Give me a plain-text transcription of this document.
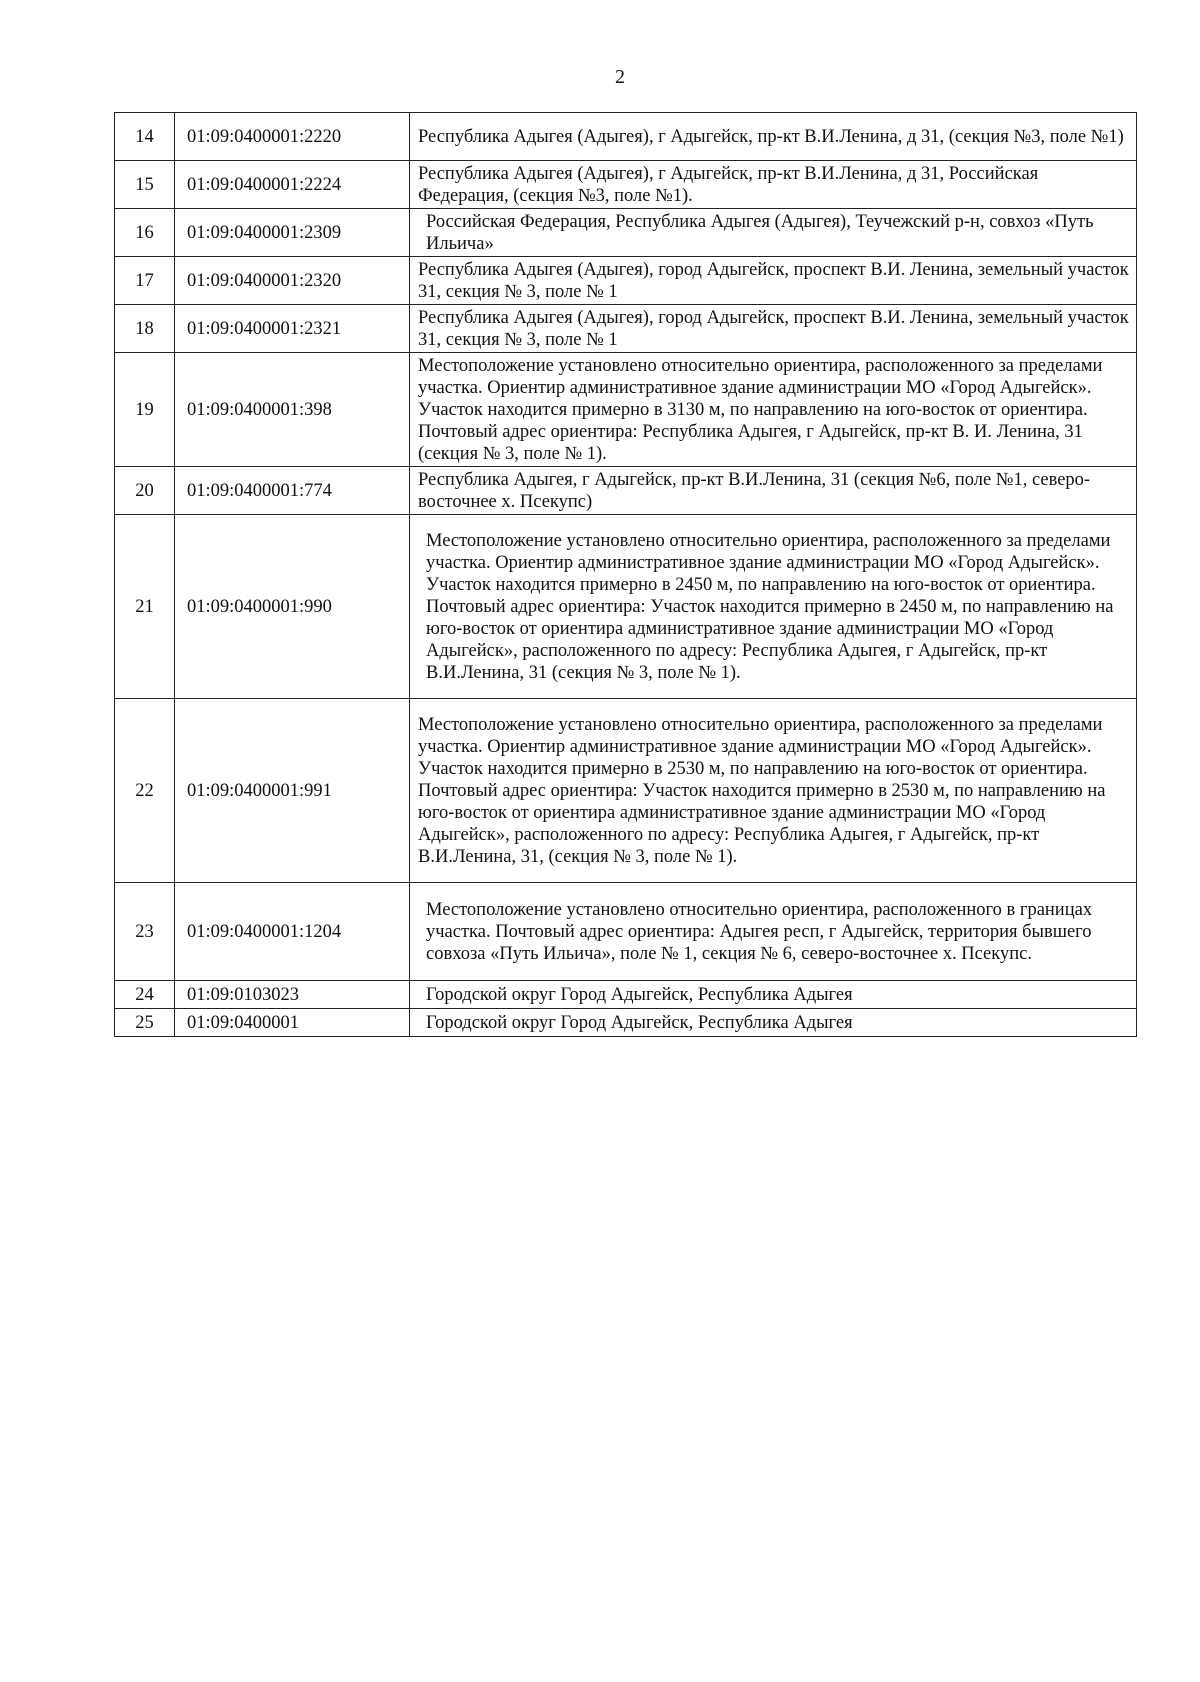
2
14	01:09:0400001:2220	Республика Адыгея (Адыгея), г Адыгейск, пр-кт В.И.Ленина, д 31, (секция №3, поле №1)
15	01:09:0400001:2224	Республика Адыгея (Адыгея), г Адыгейск, пр-кт В.И.Ленина, д 31, Российская Федерация, (секция №3, поле №1).
16	01:09:0400001:2309	Российская Федерация, Республика Адыгея (Адыгея), Теучежский р-н, совхоз «Путь Ильича»
17	01:09:0400001:2320	Республика Адыгея (Адыгея), город Адыгейск, проспект В.И. Ленина, земельный участок 31, секция № 3, поле № 1
18	01:09:0400001:2321	Республика Адыгея (Адыгея), город Адыгейск, проспект В.И. Ленина, земельный участок 31, секция № 3, поле № 1
19	01:09:0400001:398	Местоположение установлено относительно ориентира, расположенного за пределами участка. Ориентир административное здание администрации МО «Город Адыгейск». Участок находится примерно в 3130 м, по направлению на юго-восток от ориентира. Почтовый адрес ориентира: Республика Адыгея, г Адыгейск, пр-кт В. И. Ленина, 31 (секция № 3, поле № 1).
20	01:09:0400001:774	Республика Адыгея, г Адыгейск, пр-кт В.И.Ленина, 31 (секция №6, поле №1, северо-восточнее х. Псекупс)
21	01:09:0400001:990	Местоположение установлено относительно ориентира, расположенного за пределами участка. Ориентир административное здание администрации МО «Город Адыгейск». Участок находится примерно в 2450 м, по направлению на юго-восток от ориентира. Почтовый адрес ориентира: Участок находится примерно в 2450 м, по направлению на юго-восток от ориентира административное здание администрации МО «Город Адыгейск», расположенного по адресу: Республика Адыгея, г Адыгейск, пр-кт В.И.Ленина, 31 (секция № 3, поле № 1).
22	01:09:0400001:991	Местоположение установлено относительно ориентира, расположенного за пределами участка. Ориентир административное здание администрации МО «Город Адыгейск». Участок находится примерно в 2530 м, по направлению на юго-восток от ориентира. Почтовый адрес ориентира: Участок находится примерно в 2530 м, по направлению на юго-восток от ориентира административное здание администрации МО «Город Адыгейск», расположенного по адресу: Республика Адыгея, г Адыгейск, пр-кт В.И.Ленина, 31, (секция № 3, поле № 1).
23	01:09:0400001:1204	Местоположение установлено относительно ориентира, расположенного в границах участка. Почтовый адрес ориентира: Адыгея респ, г Адыгейск, территория бывшего совхоза «Путь Ильича», поле № 1, секция № 6, северо-восточнее х. Псекупс.
24	01:09:0103023	Городской округ Город Адыгейск, Республика Адыгея
25	01:09:0400001	Городской округ Город Адыгейск, Республика Адыгея
